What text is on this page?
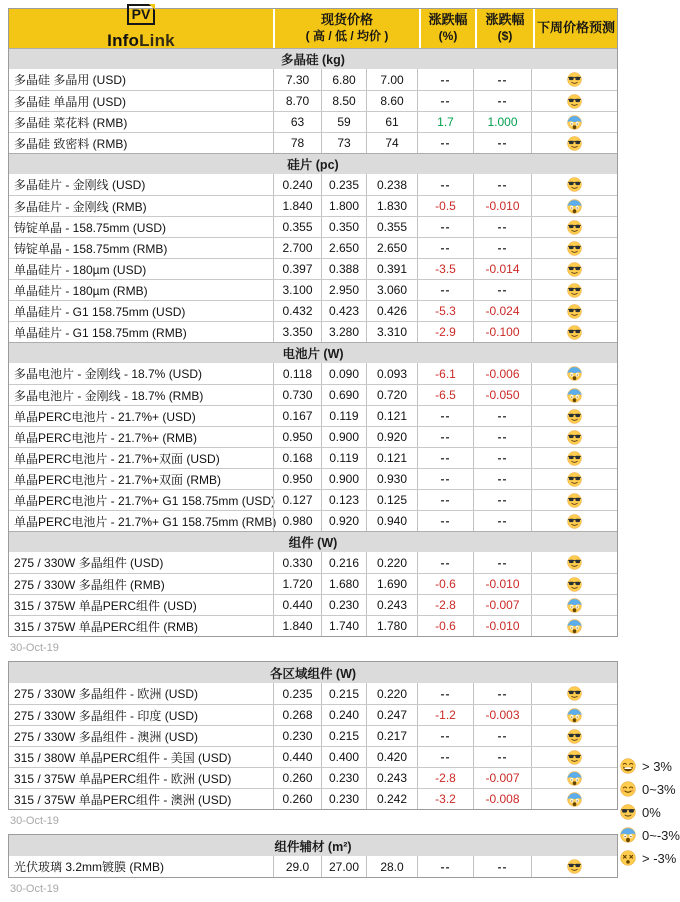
PV
InfoLink
现货价格
( 高 / 低 / 均价 )
涨跌幅
(%)
涨跌幅
($)
下周价格预测
多晶硅 (kg)
多晶硅 多晶用 (USD)	7.30	6.80	7.00	--	--
多晶硅 单晶用 (USD)	8.70	8.50	8.60	--	--
多晶硅 菜花料 (RMB)	63	59	61	1.7	1.000
多晶硅 致密料 (RMB)	78	73	74	--	--
硅片 (pc)
多晶硅片 - 金刚线 (USD)	0.240	0.235	0.238	--	--
多晶硅片 - 金刚线 (RMB)	1.840	1.800	1.830	-0.5	-0.010
铸锭单晶 - 158.75mm (USD)	0.355	0.350	0.355	--	--
铸锭单晶 - 158.75mm (RMB)	2.700	2.650	2.650	--	--
单晶硅片 - 180µm (USD)	0.397	0.388	0.391	-3.5	-0.014
单晶硅片 - 180µm (RMB)	3.100	2.950	3.060	--	--
单晶硅片 - G1 158.75mm (USD)	0.432	0.423	0.426	-5.3	-0.024
单晶硅片 - G1 158.75mm (RMB)	3.350	3.280	3.310	-2.9	-0.100
电池片 (W)
多晶电池片 - 金刚线 - 18.7% (USD)	0.118	0.090	0.093	-6.1	-0.006
多晶电池片 - 金刚线 - 18.7% (RMB)	0.730	0.690	0.720	-6.5	-0.050
单晶PERC电池片 - 21.7%+ (USD)	0.167	0.119	0.121	--	--
单晶PERC电池片 - 21.7%+ (RMB)	0.950	0.900	0.920	--	--
单晶PERC电池片 - 21.7%+双面 (USD)	0.168	0.119	0.121	--	--
单晶PERC电池片 - 21.7%+双面 (RMB)	0.950	0.900	0.930	--	--
单晶PERC电池片 - 21.7%+ G1 158.75mm (USD) 0.127	0.123	0.125	--	--
单晶PERC电池片 - 21.7%+ G1 158.75mm (RMB) 0.980	0.920	0.940	--	--
组件 (W)
275 / 330W 多晶组件 (USD)	0.330	0.216	0.220	--	--
275 / 330W 多晶组件 (RMB)	1.720	1.680	1.690	-0.6	-0.010
315 / 375W 单晶PERC组件 (USD)	0.440	0.230	0.243	-2.8	-0.007
315 / 375W 单晶PERC组件 (RMB)	1.840	1.740	1.780	-0.6	-0.010
30-Oct-19
各区域组件 (W)
275 / 330W 多晶组件 - 欧洲 (USD)	0.235	0.215	0.220	--	--
275 / 330W 多晶组件 - 印度 (USD)	0.268	0.240	0.247	-1.2	-0.003
275 / 330W 多晶组件 - 澳洲 (USD)	0.230	0.215	0.217	--	--
315 / 380W 单晶PERC组件 - 美国 (USD)	0.440	0.400	0.420	--	--
315 / 375W 单晶PERC组件 - 欧洲 (USD)	0.260	0.230	0.243	-2.8	-0.007
315 / 375W 单晶PERC组件 - 澳洲 (USD)	0.260	0.230	0.242	-3.2	-0.008
30-Oct-19
组件辅材 (m²)
光伏玻璃 3.2mm镀膜 (RMB)	29.0	27.00	28.0	--	--
30-Oct-19
> 3%
0~3%
0%
0~-3%
> -3%
